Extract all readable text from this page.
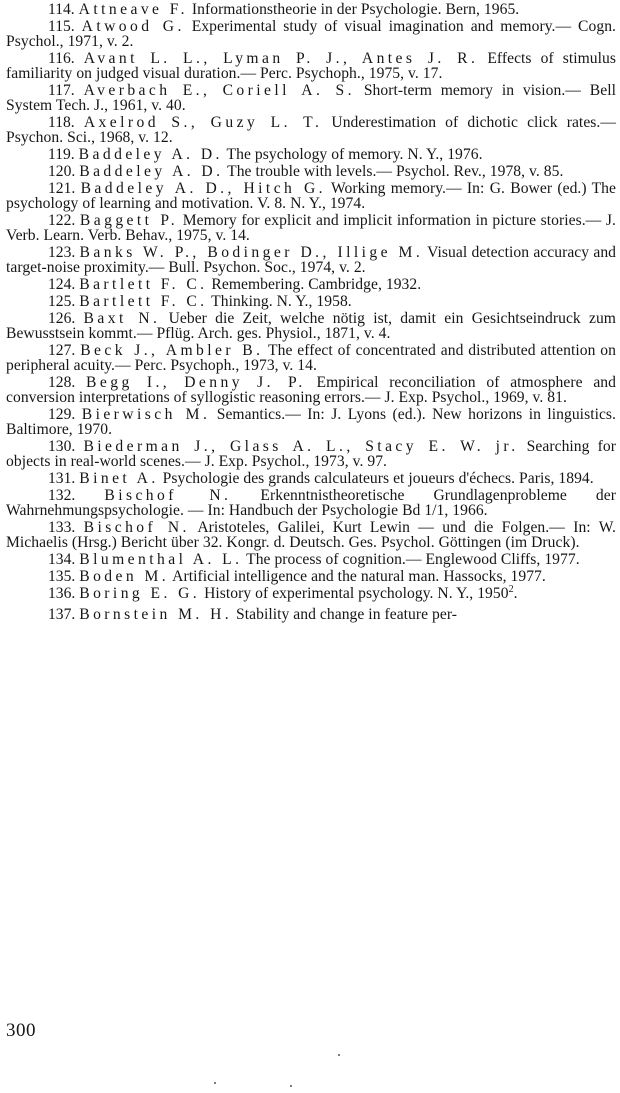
114. Attneave F. Informationstheorie in der Psychologie. Bern, 1965.

115. Atwood G. Experimental study of visual imagination and memory.— Cogn. Psychol., 1971, v. 2.

116. Avant L. L., Lyman P. J., Antes J. R. Effects of stimulus familiarity on judged visual duration.— Perc. Psychoph., 1975, v. 17.

117. Averbach E., Coriell A. S. Short-term memory in vision.— Bell System Tech. J., 1961, v. 40.

118. Axelrod S., Guzy L. T. Underestimation of dichotic click rates.— Psychon. Sci., 1968, v. 12.

119. Baddeley A. D. The psychology of memory. N. Y., 1976.

120. Baddeley A. D. The trouble with levels.— Psychol. Rev., 1978, v. 85.

121. Baddeley A. D., Hitch G. Working memory.— In: G. Bower (ed.) The psychology of learning and motivation. V. 8. N. Y., 1974.

122. Baggett P. Memory for explicit and implicit information in picture stories.— J. Verb. Learn. Verb. Behav., 1975, v. 14.

123. Banks W. P., Bodinger D., Illige M. Visual detection accuracy and target-noise proximity.— Bull. Psychon. Soc., 1974, v. 2.

124. Bartlett F. C. Remembering. Cambridge, 1932.

125. Bartlett F. C. Thinking. N. Y., 1958.

126. Baxt N. Ueber die Zeit, welche nötig ist, damit ein Gesichtseindruck zum Bewusstsein kommt.— Pflüg. Arch. ges. Physiol., 1871, v. 4.

127. Beck J., Ambler B. The effect of concentrated and distributed attention on peripheral acuity.— Perc. Psychoph., 1973, v. 14.

128. Begg I., Denny J. P. Empirical reconciliation of atmosphere and conversion interpretations of syllogistic reasoning errors.— J. Exp. Psychol., 1969, v. 81.

129. Bierwisch M. Semantics.— In: J. Lyons (ed.). New horizons in linguistics. Baltimore, 1970.

130. Biederman J., Glass A. L., Stacy E. W. jr. Searching for objects in real-world scenes.— J. Exp. Psychol., 1973, v. 97.

131. Binet A. Psychologie des grands calculateurs et joueurs d'échecs. Paris, 1894.

132. Bischof N. Erkenntnistheoretische Grundlagenprobleme der Wahrnehmungspsychologie. — In: Handbuch der Psychologie Bd 1/1, 1966.

133. Bischof N. Aristoteles, Galilei, Kurt Lewin — und die Folgen.— In: W. Michaelis (Hrsg.) Bericht über 32. Kongr. d. Deutsch. Ges. Psychol. Göttingen (im Druck).

134. Blumenthal A. L. The process of cognition.— Englewood Cliffs, 1977.

135. Boden M. Artificial intelligence and the natural man. Hassocks, 1977.

136. Boring E. G. History of experimental psychology. N. Y., 1950$^2$.

137. Bornstein M. H. Stability and change in feature per-

300
